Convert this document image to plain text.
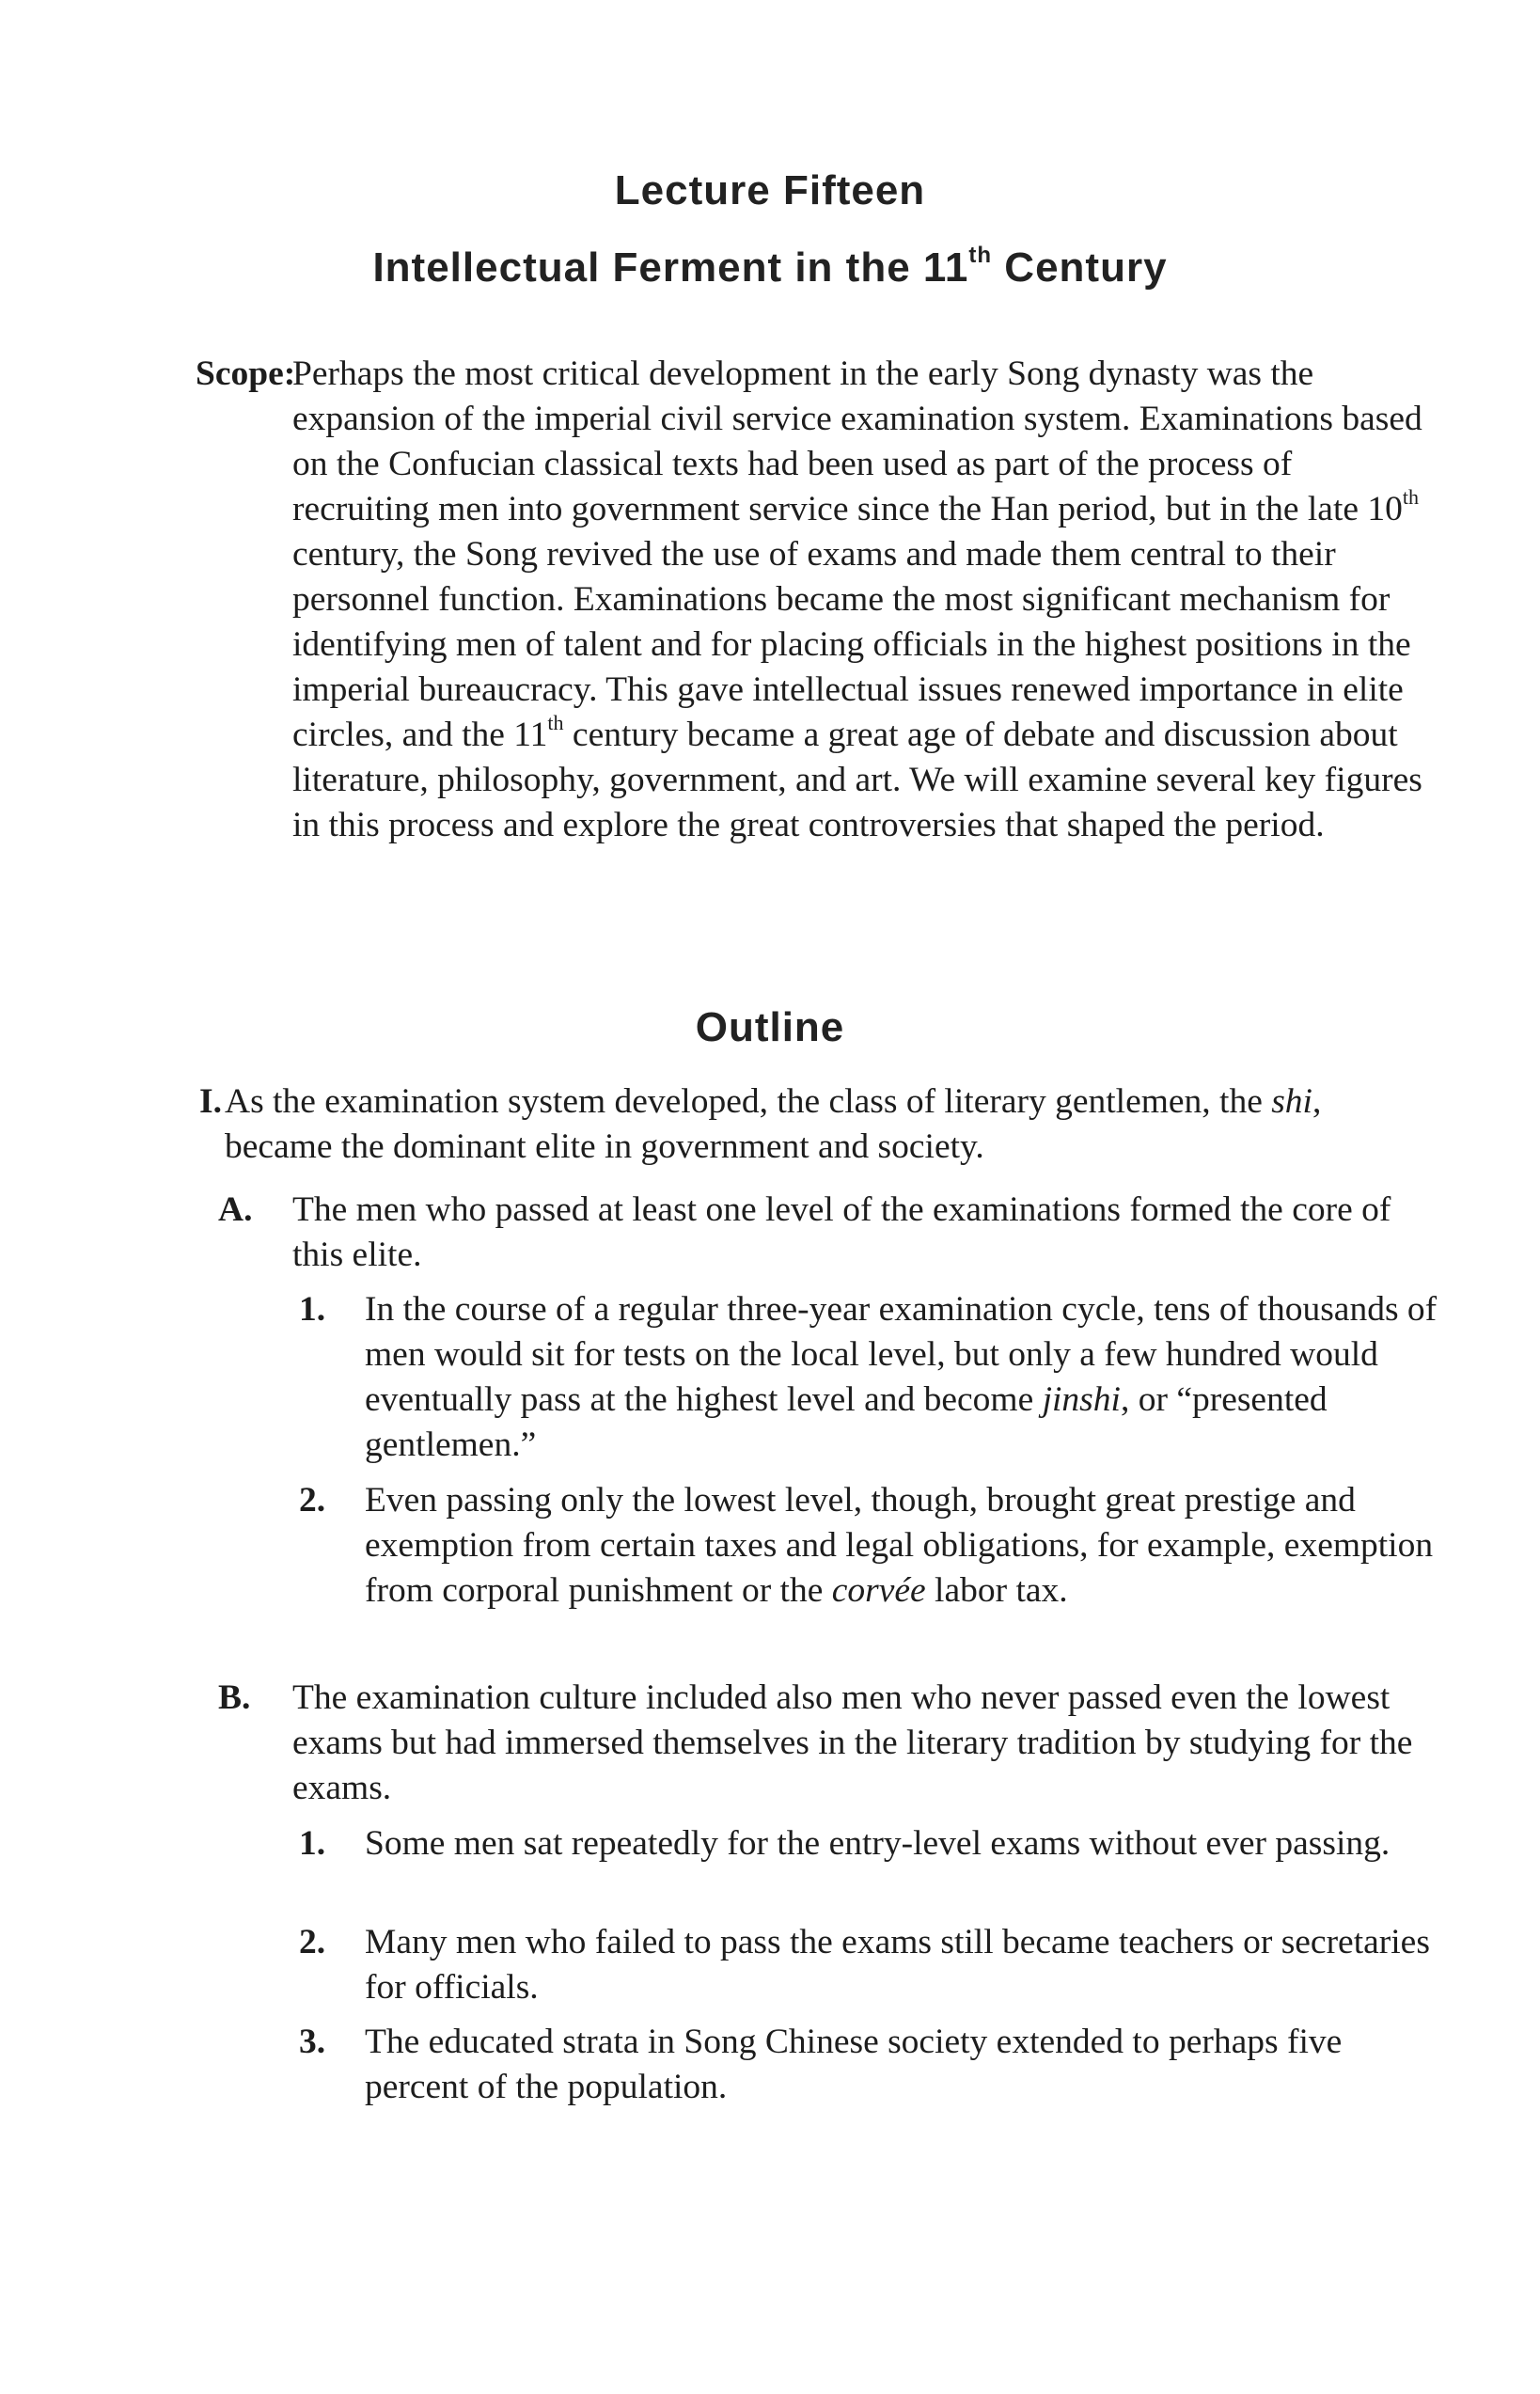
Lecture Fifteen
Intellectual Ferment in the 11th Century
Scope:
Perhaps the most critical development in the early Song dynasty was the expansion of the imperial civil service examination system. Examinations based on the Confucian classical texts had been used as part of the process of recruiting men into government service since the Han period, but in the late 10th century, the Song revived the use of exams and made them central to their personnel function. Examinations became the most significant mechanism for identifying men of talent and for placing officials in the highest positions in the imperial bureaucracy. This gave intellectual issues renewed importance in elite circles, and the 11th century became a great age of debate and discussion about literature, philosophy, government, and art. We will examine several key figures in this process and explore the great controversies that shaped the period.
Outline
I. As the examination system developed, the class of literary gentlemen, the shi, became the dominant elite in government and society.
A. The men who passed at least one level of the examinations formed the core of this elite.
1. In the course of a regular three-year examination cycle, tens of thousands of men would sit for tests on the local level, but only a few hundred would eventually pass at the highest level and become jinshi, or “presented gentlemen.”
2. Even passing only the lowest level, though, brought great prestige and exemption from certain taxes and legal obligations, for example, exemption from corporal punishment or the corvée labor tax.
B. The examination culture included also men who never passed even the lowest exams but had immersed themselves in the literary tradition by studying for the exams.
1. Some men sat repeatedly for the entry-level exams without ever passing.
2. Many men who failed to pass the exams still became teachers or secretaries for officials.
3. The educated strata in Song Chinese society extended to perhaps five percent of the population.
